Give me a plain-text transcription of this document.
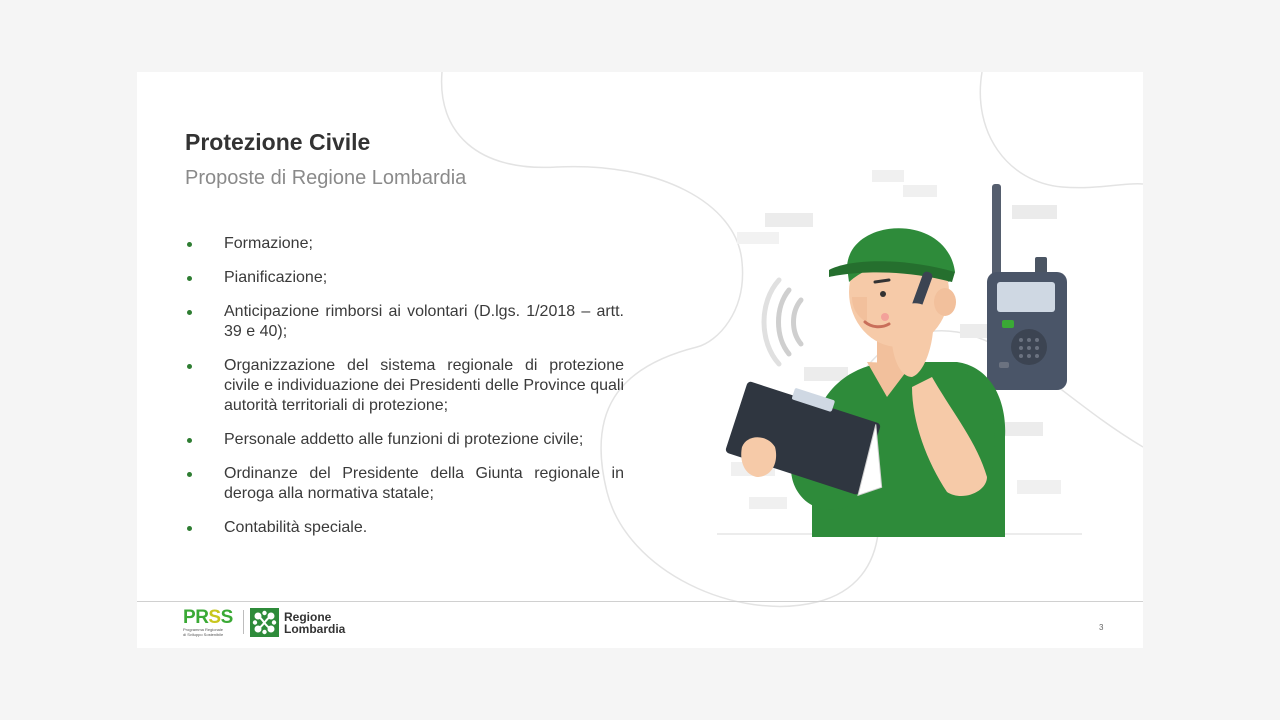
Protezione Civile
Proposte di Regione Lombardia
Formazione;
Pianificazione;
Anticipazione rimborsi ai volontari (D.lgs. 1/2018 – artt. 39 e 40);
Organizzazione del sistema regionale di protezione civile e individuazione dei Presidenti delle Province quali autorità territoriali di protezione;
Personale addetto alle funzioni di protezione civile;
Ordinanze del Presidente della Giunta regionale in deroga alla normativa statale;
Contabilità speciale.
PRSS
Programma Regionale
di Sviluppo Sostenibile
Regione
Lombardia	3
